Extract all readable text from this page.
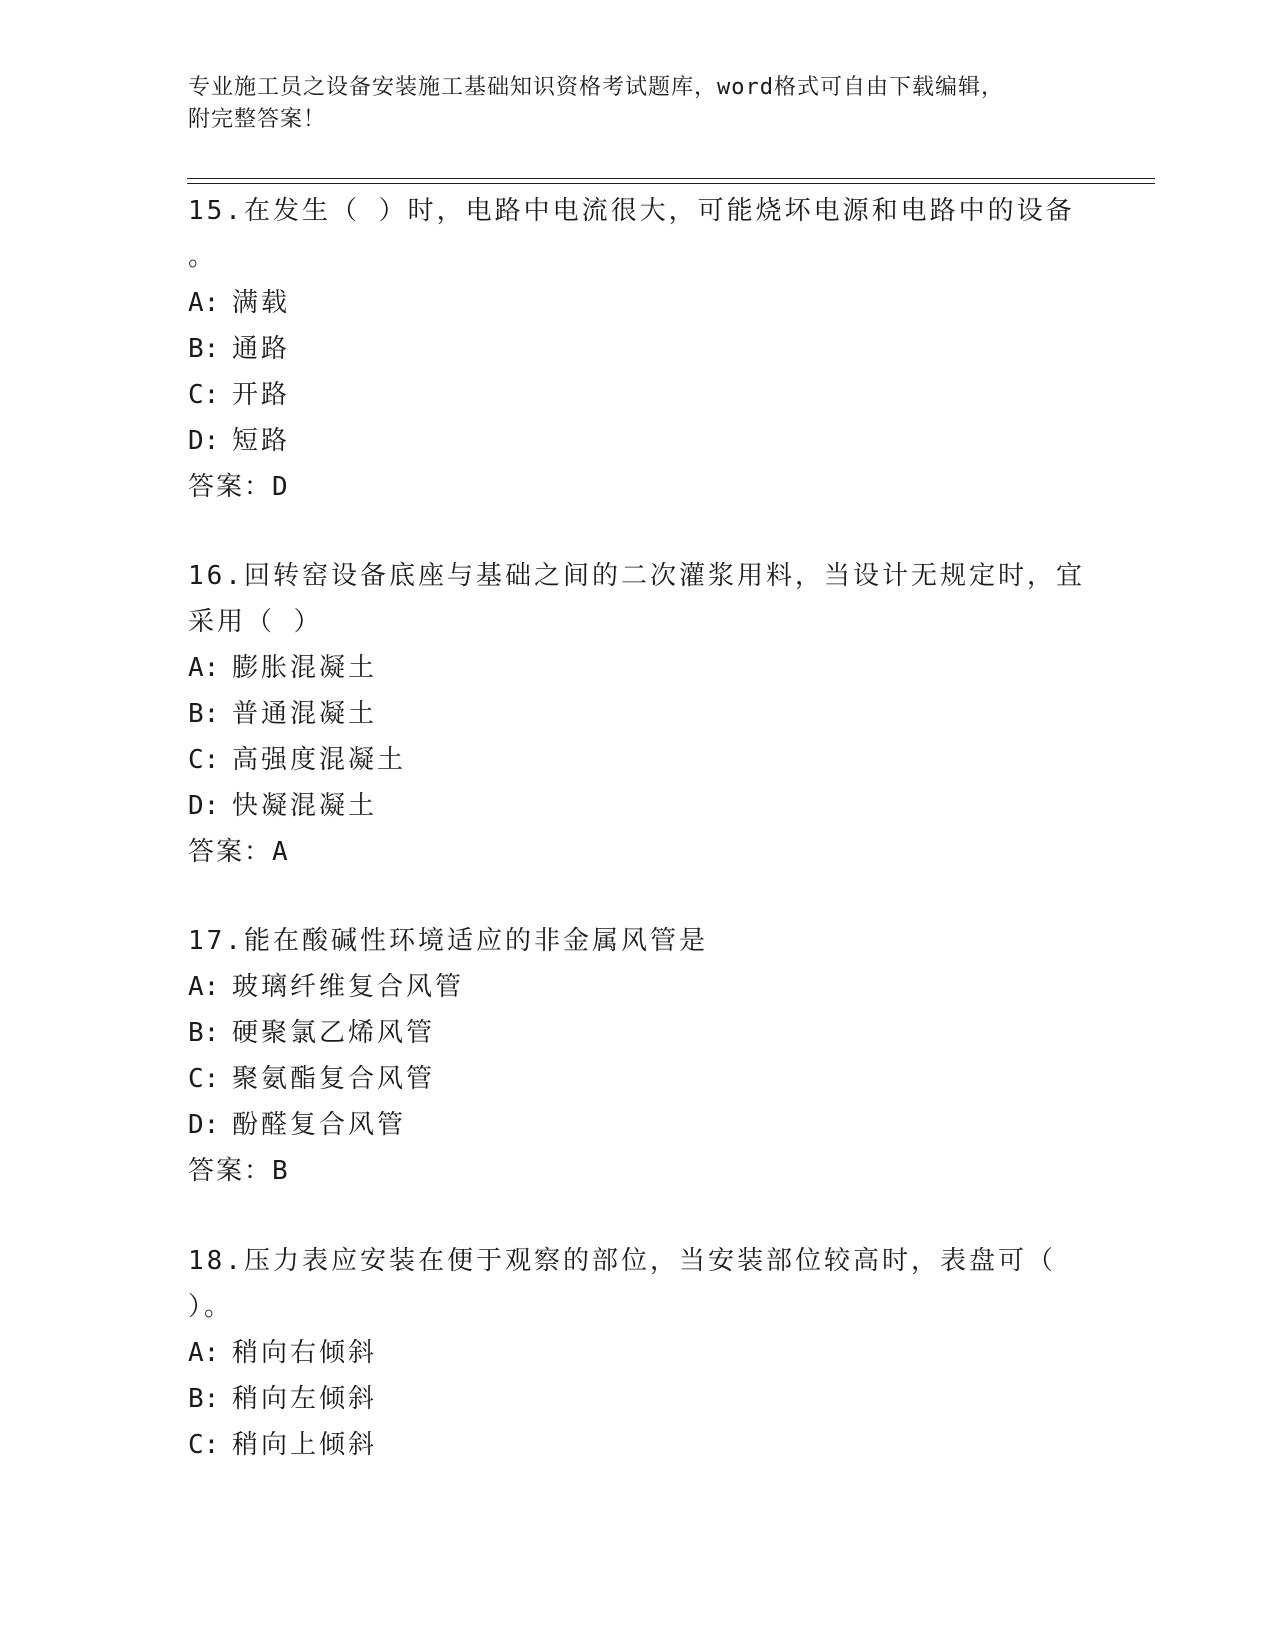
专业施工员之设备安装施工基础知识资格考试题库，word格式可自由下载编辑，
附完整答案！
15.在发生（ ）时，电路中电流很大，可能烧坏电源和电路中的设备
。
A: 满载
B: 通路
C: 开路
D: 短路
答案：D
16.回转窑设备底座与基础之间的二次灌浆用料，当设计无规定时，宜
采用（ ）
A: 膨胀混凝土
B: 普通混凝土
C: 高强度混凝土
D: 快凝混凝土
答案：A
17.能在酸碱性环境适应的非金属风管是
A: 玻璃纤维复合风管
B: 硬聚氯乙烯风管
C: 聚氨酯复合风管
D: 酚醛复合风管
答案：B
18.压力表应安装在便于观察的部位，当安装部位较高时，表盘可（
）。
A: 稍向右倾斜
B: 稍向左倾斜
C: 稍向上倾斜
